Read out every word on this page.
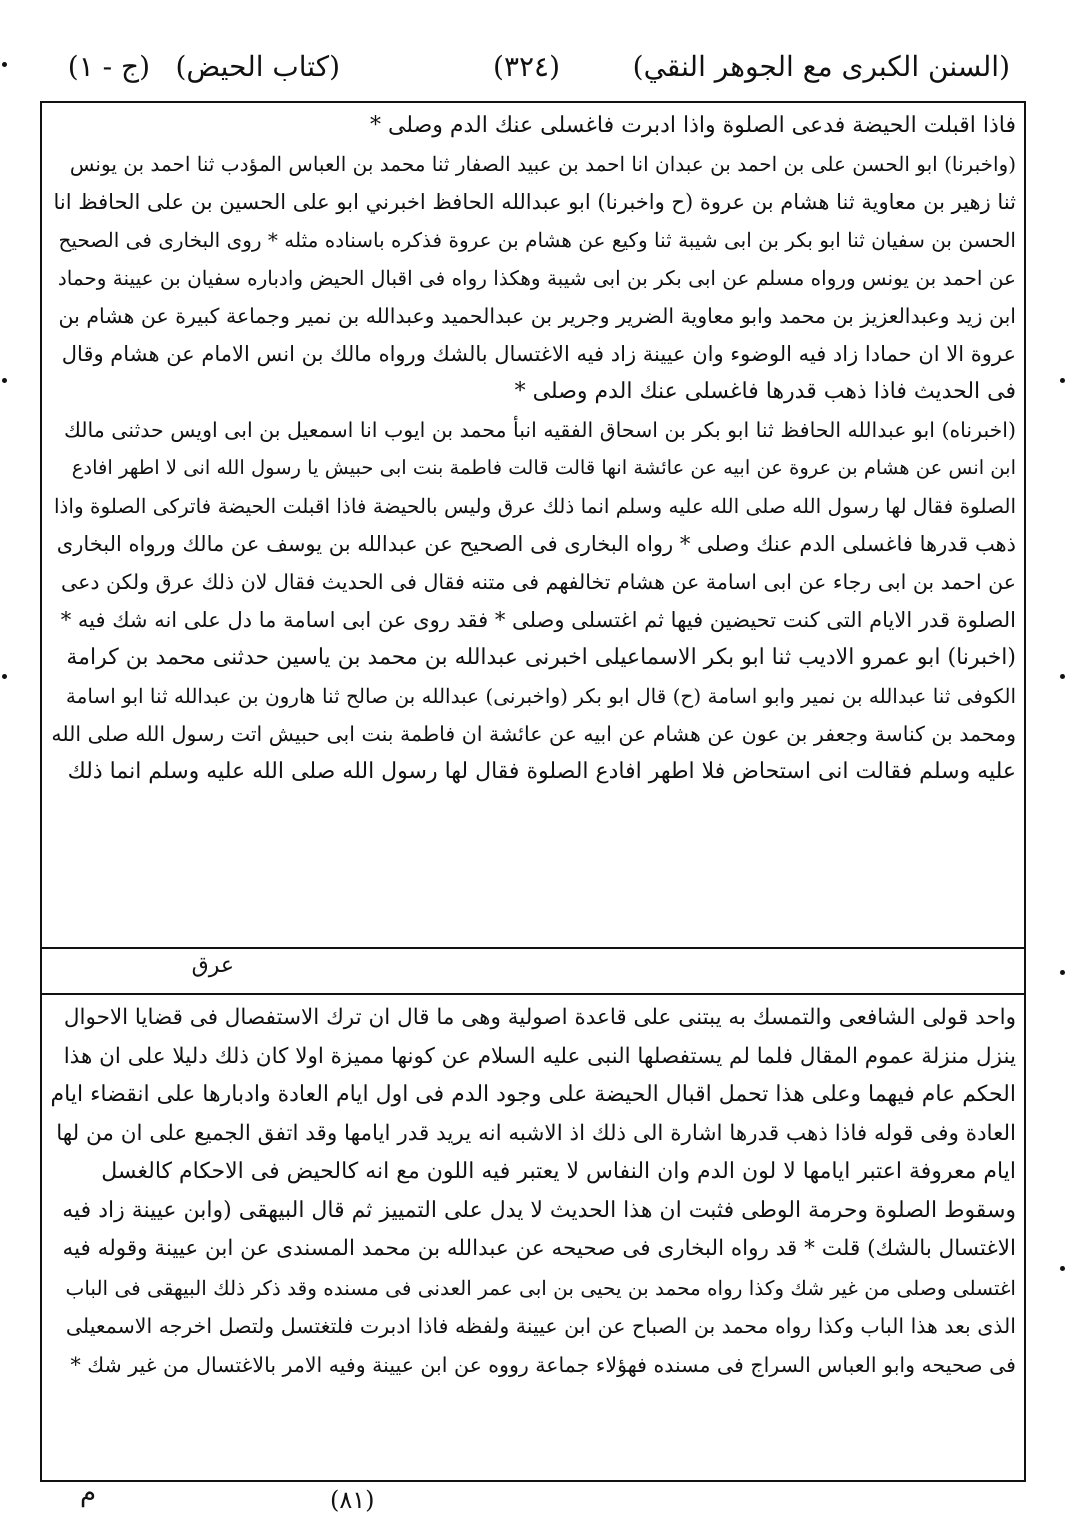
(السنن الكبرى مع الجوهر النقي)
(٣٢٤)
(كتاب الحيض)
(ج - ١)
فاذا اقبلت الحيضة فدعى الصلوة واذا ادبرت فاغسلى عنك الدم وصلى *
(واخبرنا) ابو الحسن على بن احمد بن عبدان انا احمد بن عبيد الصفار ثنا محمد بن العباس المؤدب ثنا احمد بن يونس
ثنا زهير بن معاوية ثنا هشام بن عروة (ح واخبرنا) ابو عبدالله الحافظ اخبرني ابو على الحسين بن على الحافظ انا
الحسن بن سفيان ثنا ابو بكر بن ابى شيبة ثنا وكيع عن هشام بن عروة فذكره باسناده مثله * روى البخارى فى الصحيح
عن احمد بن يونس ورواه مسلم عن ابى بكر بن ابى شيبة وهكذا رواه فى اقبال الحيض وادباره سفيان بن عيينة وحماد
ابن زيد وعبدالعزيز بن محمد وابو معاوية الضرير وجرير بن عبدالحميد وعبدالله بن نمير وجماعة كبيرة عن هشام بن
عروة الا ان حمادا زاد فيه الوضوء وان عيينة زاد فيه الاغتسال بالشك ورواه مالك بن انس الامام عن هشام وقال
فى الحديث فاذا ذهب قدرها فاغسلى عنك الدم وصلى *
(اخبرناه) ابو عبدالله الحافظ ثنا ابو بكر بن اسحاق الفقيه انبأ محمد بن ايوب انا اسمعيل بن ابى اويس حدثنى مالك
ابن انس عن هشام بن عروة عن ابيه عن عائشة انها قالت قالت فاطمة بنت ابى حبيش يا رسول الله انى لا اطهر افادع
الصلوة فقال لها رسول الله صلى الله عليه وسلم انما ذلك عرق وليس بالحيضة فاذا اقبلت الحيضة فاتركى الصلوة واذا
ذهب قدرها فاغسلى الدم عنك وصلى * رواه البخارى فى الصحيح عن عبدالله بن يوسف عن مالك ورواه البخارى
عن احمد بن ابى رجاء عن ابى اسامة عن هشام تخالفهم فى متنه فقال فى الحديث فقال لان ذلك عرق ولكن دعى
الصلوة قدر الايام التى كنت تحيضين فيها ثم اغتسلى وصلى * فقد روى عن ابى اسامة ما دل على انه شك فيه *
(اخبرنا) ابو عمرو الاديب ثنا ابو بكر الاسماعيلى اخبرنى عبدالله بن محمد بن ياسين حدثنى محمد بن كرامة
الكوفى ثنا عبدالله بن نمير وابو اسامة (ح) قال ابو بكر (واخبرنى) عبدالله بن صالح ثنا هارون بن عبدالله ثنا ابو اسامة
ومحمد بن كناسة وجعفر بن عون عن هشام عن ابيه عن عائشة ان فاطمة بنت ابى حبيش اتت رسول الله صلى الله
عليه وسلم فقالت انى استحاض فلا اطهر افادع الصلوة فقال لها رسول الله صلى الله عليه وسلم انما ذلك
عرق
واحد قولى الشافعى والتمسك به يبتنى على قاعدة اصولية وهى ما قال ان ترك الاستفصال فى قضايا الاحوال
ينزل منزلة عموم المقال فلما لم يستفصلها النبى عليه السلام عن كونها مميزة اولا كان ذلك دليلا على ان هذا
الحكم عام فيهما وعلى هذا تحمل اقبال الحيضة على وجود الدم فى اول ايام العادة وادبارها على انقضاء ايام
العادة وفى قوله فاذا ذهب قدرها اشارة الى ذلك اذ الاشبه انه يريد قدر ايامها وقد اتفق الجميع على ان من لها
ايام معروفة اعتبر ايامها لا لون الدم وان النفاس لا يعتبر فيه اللون مع انه كالحيض فى الاحكام كالغسل
وسقوط الصلوة وحرمة الوطى فثبت ان هذا الحديث لا يدل على التمييز ثم قال البيهقى (وابن عيينة زاد فيه
الاغتسال بالشك) قلت * قد رواه البخارى فى صحيحه عن عبدالله بن محمد المسندى عن ابن عيينة وقوله فيه
اغتسلى وصلى من غير شك وكذا رواه محمد بن يحيى بن ابى عمر العدنى فى مسنده وقد ذكر ذلك البيهقى فى الباب
الذى بعد هذا الباب وكذا رواه محمد بن الصباح عن ابن عيينة ولفظه فاذا ادبرت فلتغتسل ولتصل اخرجه الاسمعيلى
فى صحيحه وابو العباس السراج فى مسنده فهؤلاء جماعة رووه عن ابن عيينة وفيه الامر بالاغتسال من غير شك *
م	(٨١)
